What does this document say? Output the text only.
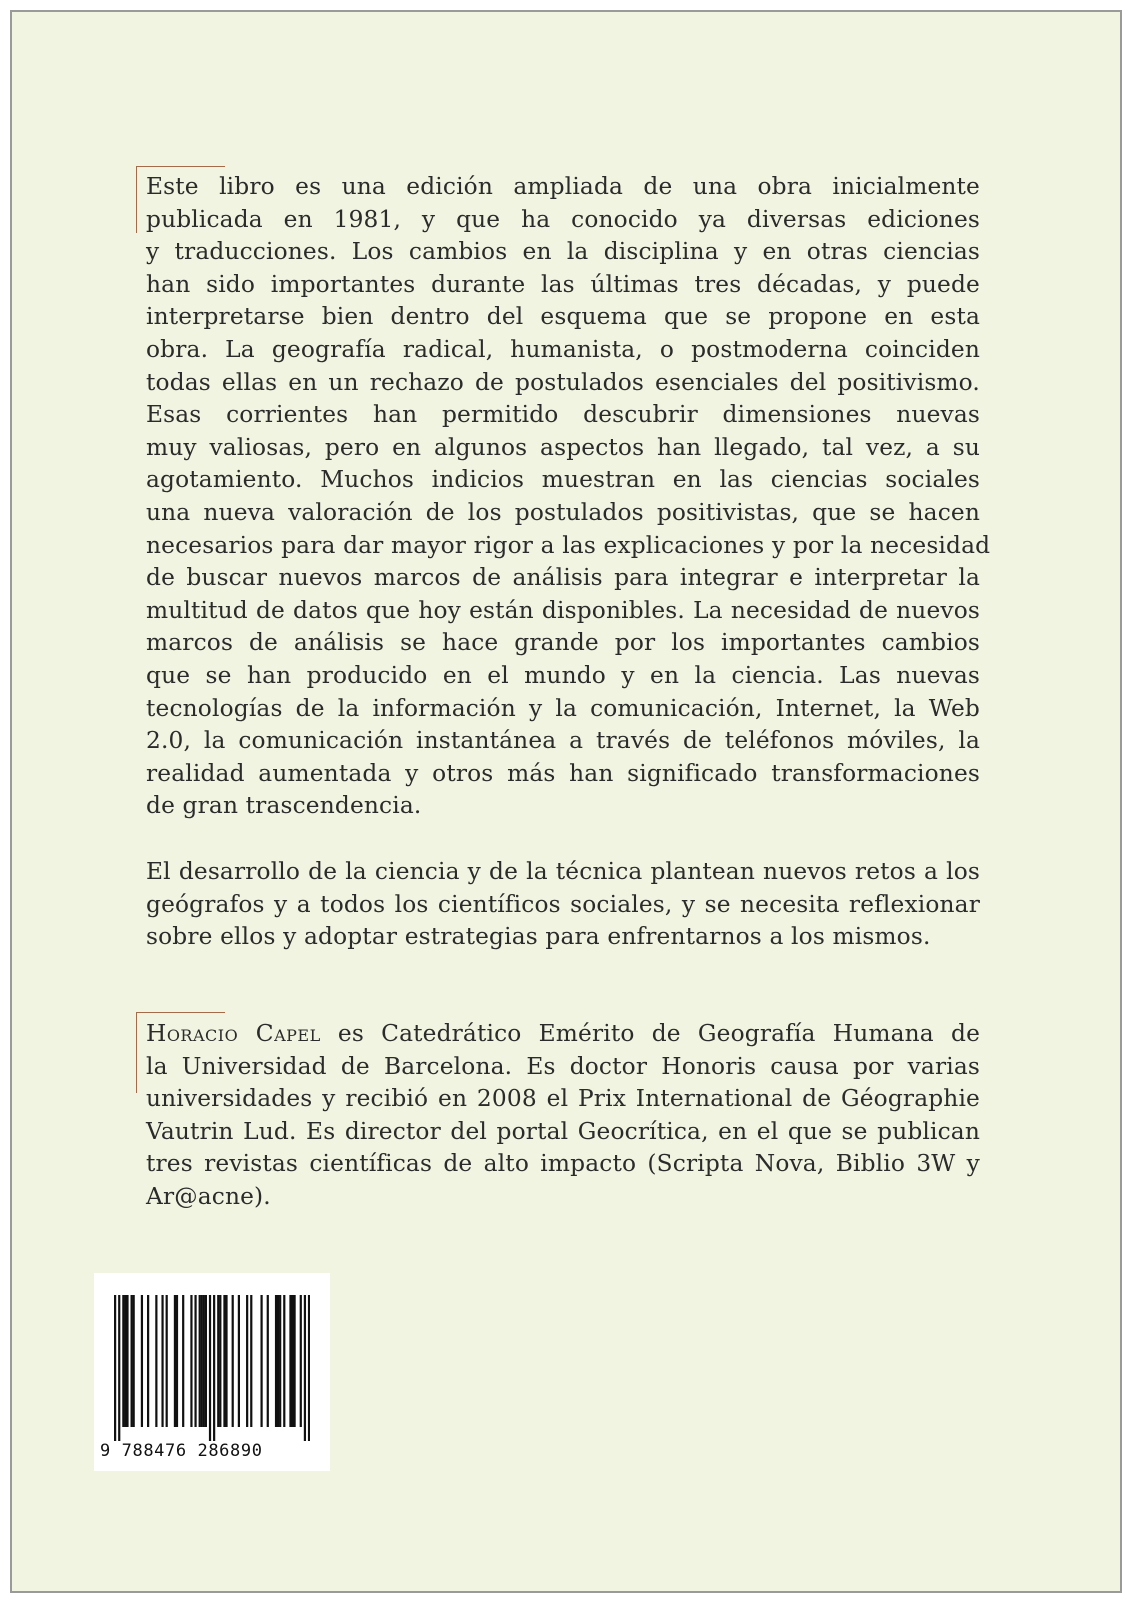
Este libro es una edición ampliada de una obra inicialmente
publicada en 1981, y que ha conocido ya diversas ediciones
y traducciones. Los cambios en la disciplina y en otras ciencias
han sido importantes durante las últimas tres décadas, y puede
interpretarse bien dentro del esquema que se propone en esta
obra. La geografía radical, humanista, o postmoderna coinciden
todas ellas en un rechazo de postulados esenciales del positivismo.
Esas corrientes han permitido descubrir dimensiones nuevas
muy valiosas, pero en algunos aspectos han llegado, tal vez, a su
agotamiento. Muchos indicios muestran en las ciencias sociales
una nueva valoración de los postulados positivistas, que se hacen
necesarios para dar mayor rigor a las explicaciones y por la necesidad
de buscar nuevos marcos de análisis para integrar e interpretar la
multitud de datos que hoy están disponibles. La necesidad de nuevos
marcos de análisis se hace grande por los importantes cambios
que se han producido en el mundo y en la ciencia. Las nuevas
tecnologías de la información y la comunicación, Internet, la Web
2.0, la comunicación instantánea a través de teléfonos móviles, la
realidad aumentada y otros más han significado transformaciones
de gran trascendencia.
El desarrollo de la ciencia y de la técnica plantean nuevos retos a los
geógrafos y a todos los científicos sociales, y se necesita reflexionar
sobre ellos y adoptar estrategias para enfrentarnos a los mismos.
Horacio Capel es Catedrático Emérito de Geografía Humana de
la Universidad de Barcelona. Es doctor Honoris causa por varias
universidades y recibió en 2008 el Prix International de Géographie
Vautrin Lud. Es director del portal Geocrítica, en el que se publican
tres revistas científicas de alto impacto (Scripta Nova, Biblio 3W y
Ar@acne).
9 788476 286890
